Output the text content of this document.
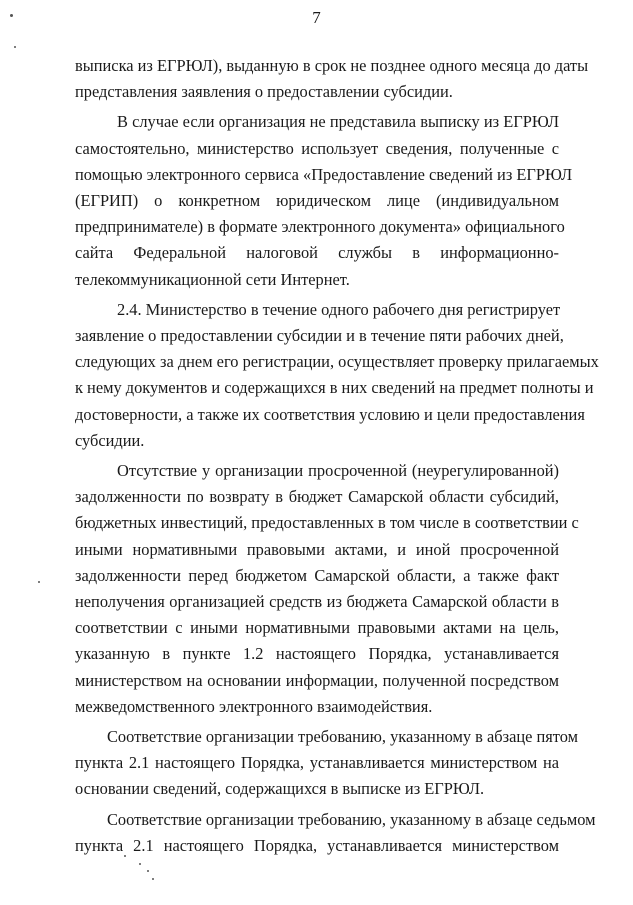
7
выписка из ЕГРЮЛ), выданную в срок не позднее одного месяца до даты
представления заявления о предоставлении субсидии.
В случае если организация не представила выписку из ЕГРЮЛ
самостоятельно, министерство использует сведения, полученные с
помощью электронного сервиса «Предоставление сведений из ЕГРЮЛ
(ЕГРИП) о конкретном юридическом лице (индивидуальном
предпринимателе) в формате электронного документа» официального
сайта Федеральной налоговой службы в информационно-
телекоммуникационной сети Интернет.
2.4. Министерство в течение одного рабочего дня регистрирует
заявление о предоставлении субсидии и в течение пяти рабочих дней,
следующих за днем его регистрации, осуществляет проверку прилагаемых
к нему документов и содержащихся в них сведений на предмет полноты и
достоверности, а также их соответствия условию и цели предоставления
субсидии.
Отсутствие у организации просроченной (неурегулированной)
задолженности по возврату в бюджет Самарской области субсидий,
бюджетных инвестиций, предоставленных в том числе в соответствии с
иными нормативными правовыми актами, и иной просроченной
задолженности перед бюджетом Самарской области, а также факт
неполучения организацией средств из бюджета Самарской области в
соответствии с иными нормативными правовыми актами на цель,
указанную в пункте 1.2 настоящего Порядка, устанавливается
министерством на основании информации, полученной посредством
межведомственного электронного взаимодействия.
Соответствие организации требованию, указанному в абзаце пятом
пункта 2.1 настоящего Порядка, устанавливается министерством на
основании сведений, содержащихся в выписке из ЕГРЮЛ.
Соответствие организации требованию, указанному в абзаце седьмом
пункта 2.1 настоящего Порядка, устанавливается министерством
